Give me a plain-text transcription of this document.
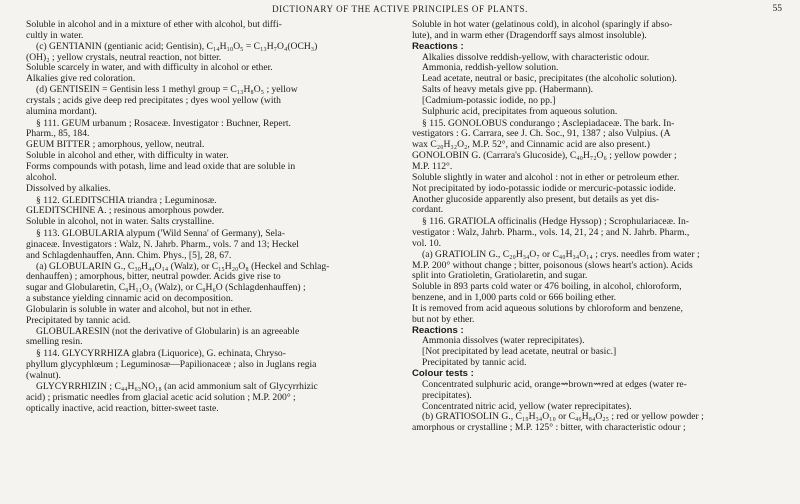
DICTIONARY OF THE ACTIVE PRINCIPLES OF PLANTS.	55

Soluble in alcohol and in a mixture of ether with alcohol, but diffi-

cultly in water.

(c) GENTIANIN (gentianic acid; Gentisin), C₁₄H₁₀O₅ = C₁₃H₇O₄(OCH₃)

(OH)₂ ; yellow crystals, neutral reaction, not bitter.

Soluble scarcely in water, and with difficulty in alcohol or ether.

Alkalies give red coloration.

(d) GENTISEIN = Gentisin less 1 methyl group = C₁₃H₈O₅ ; yellow

crystals ; acids give deep red precipitates ; dyes wool yellow (with

alumina mordant).

§ 111. GEUM urbanum ; Rosaceæ. Investigator : Buchner, Repert.

Pharm., 85, 184.

GEUM BITTER ; amorphous, yellow, neutral.

Soluble in alcohol and ether, with difficulty in water.

Forms compounds with potash, lime and lead oxide that are soluble in

alcohol.

Dissolved by alkalies.

§ 112. GLEDITSCHIA triandra ; Leguminosæ.

GLEDITSCHINE A. ; resinous amorphous powder.

Soluble in alcohol, not in water. Salts crystalline.

§ 113. GLOBULARIA alypum ('Wild Senna' of Germany), Sela-

ginaceæ. Investigators : Walz, N. Jahrb. Pharm., vols. 7 and 13; Heckel

and Schlagdenhauffen, Ann. Chim. Phys., [5], 28, 67.

(a) GLOBULARIN G., C₃₀H₄₄O₁₄ (Walz), or C₁₅H₂₀O₈ (Heckel and Schlag-

denhauffen) ; amorphous, bitter, neutral powder. Acids give rise to

sugar and Globularetin, C₉H₁₁O₃ (Walz), or C₉H₆O (Schlagdenhauffen) ;

a substance yielding cinnamic acid on decomposition.

Globularin is soluble in water and alcohol, but not in ether.

Precipitated by tannic acid.

GLOBULARESIN (not the derivative of Globularin) is an agreeable

smelling resin.

§ 114. GLYCYRRHIZA glabra (Liquorice), G. echinata, Chryso-

phyllum glycyphlœum ; Leguminosæ—Papilionaceæ ; also in Juglans regia

(walnut).

GLYCYRRHIZIN ; C₄₄H₆₃NO₁₈ (an acid ammonium salt of Glycyrrhizic

acid) ; prismatic needles from glacial acetic acid solution ; M.P. 200° ;

optically inactive, acid reaction, bitter-sweet taste.

Soluble in hot water (gelatinous cold), in alcohol (sparingly if abso-

lute), and in warm ether (Dragendorff says almost insoluble).

Reactions :

Alkalies dissolve reddish-yellow, with characteristic odour.

Ammonia, reddish-yellow solution.

Lead acetate, neutral or basic, precipitates (the alcoholic solution).

Salts of heavy metals give pp. (Habermann).

[Cadmium-potassic iodide, no pp.]

Sulphuric acid, precipitates from aqueous solution.

§ 115. GONOLOBUS condurango ; Asclepiadaceæ. The bark. In-

vestigators : G. Carrara, see J. Ch. Soc., 91, 1387 ; also Vulpius. (A

wax C₂₀H₃₂O₂, M.P. 52°, and Cinnamic acid are also present.)

GONOLOBIN G. (Carrara's Glucoside), C₄₀H₇₂O₆ ; yellow powder ;

M.P. 112°.

Soluble slightly in water and alcohol : not in ether or petroleum ether.

Not precipitated by iodo-potassic iodide or mercuric-potassic iodide.

Another glucoside apparently also present, but details as yet dis-

cordant.

§ 116. GRATIOLA officinalis (Hedge Hyssop) ; Scrophulariaceæ. In-

vestigator : Walz, Jahrb. Pharm., vols. 14, 21, 24 ; and N. Jahrb. Pharm.,

vol. 10.

(a) GRATIOLIN G., C₂₀H₃₄O₇ or C₄₀H₃₄O₁₄ ; crys. needles from water ;

M.P. 200° without change ; bitter, poisonous (slows heart's action). Acids

split into Gratioletin, Gratiolaretin, and sugar.

Soluble in 893 parts cold water or 476 boiling, in alcohol, chloroform,

benzene, and in 1,000 parts cold or 666 boiling ether.

It is removed from acid aqueous solutions by chloroform and benzene,

but not by ether.

Reactions :

Ammonia dissolves (water reprecipitates).

[Not precipitated by lead acetate, neutral or basic.]

Precipitated by tannic acid.

Colour tests :

Concentrated sulphuric acid, orange⇝brown⇝red at edges (water re-

precipitates).

Concentrated nitric acid, yellow (water reprecipitates).

(b) GRATIOSOLIN G., C₁₉H₃₄O₁₀ or C₄₆H₈₄O₂₅ ; red or yellow powder ;

amorphous or crystalline ; M.P. 125° : bitter, with characteristic odour ;
